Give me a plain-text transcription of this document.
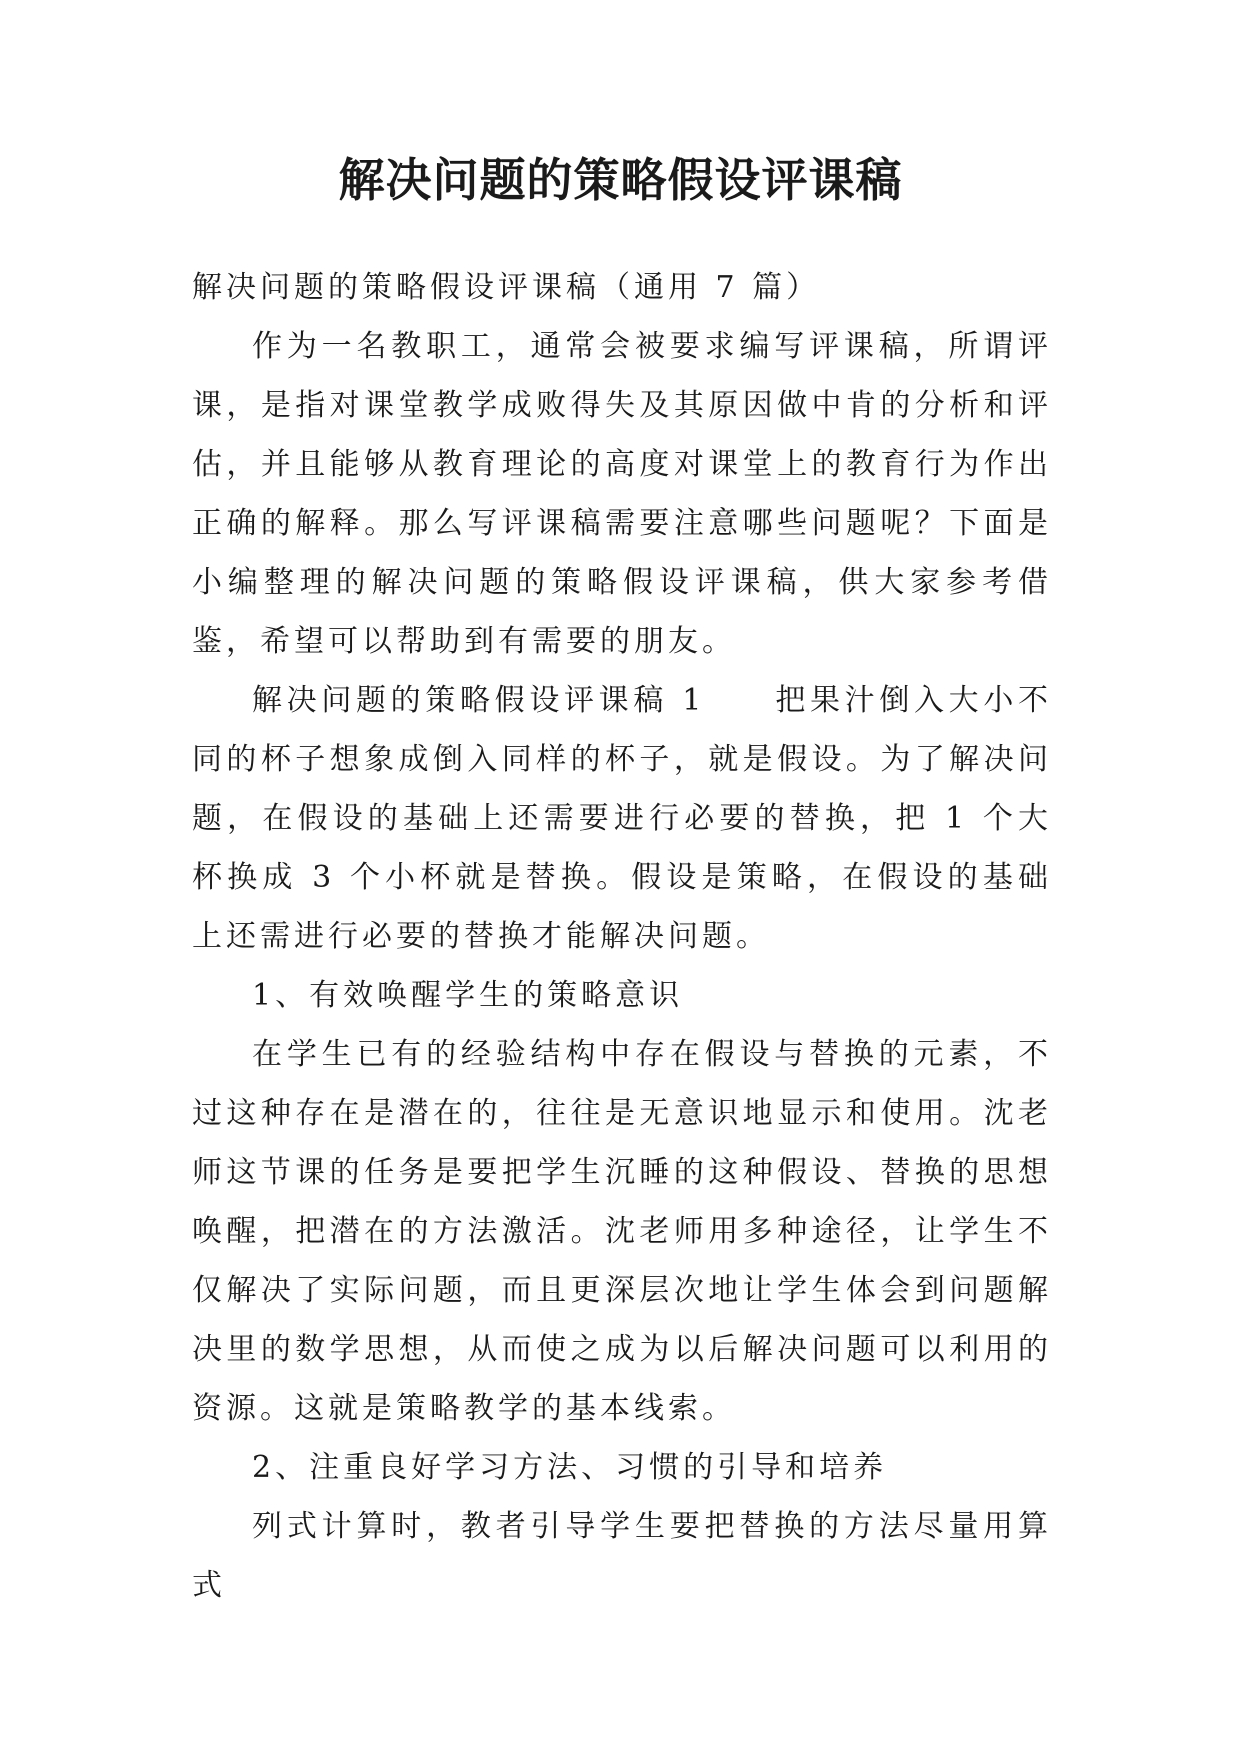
解决问题的策略假设评课稿

解决问题的策略假设评课稿（通用 7 篇）

作为一名教职工，通常会被要求编写评课稿，所谓评课，是指对课堂教学成败得失及其原因做中肯的分析和评估，并且能够从教育理论的高度对课堂上的教育行为作出正确的解释。那么写评课稿需要注意哪些问题呢？下面是小编整理的解决问题的策略假设评课稿，供大家参考借鉴，希望可以帮助到有需要的朋友。

解决问题的策略假设评课稿 1　　把果汁倒入大小不同的杯子想象成倒入同样的杯子，就是假设。为了解决问题，在假设的基础上还需要进行必要的替换，把 1 个大杯换成 3 个小杯就是替换。假设是策略，在假设的基础上还需进行必要的替换才能解决问题。

1、有效唤醒学生的策略意识

在学生已有的经验结构中存在假设与替换的元素，不过这种存在是潜在的，往往是无意识地显示和使用。沈老师这节课的任务是要把学生沉睡的这种假设、替换的思想唤醒，把潜在的方法激活。沈老师用多种途径，让学生不仅解决了实际问题，而且更深层次地让学生体会到问题解决里的数学思想，从而使之成为以后解决问题可以利用的资源。这就是策略教学的基本线索。

2、注重良好学习方法、习惯的引导和培养

列式计算时，教者引导学生要把替换的方法尽量用算式
